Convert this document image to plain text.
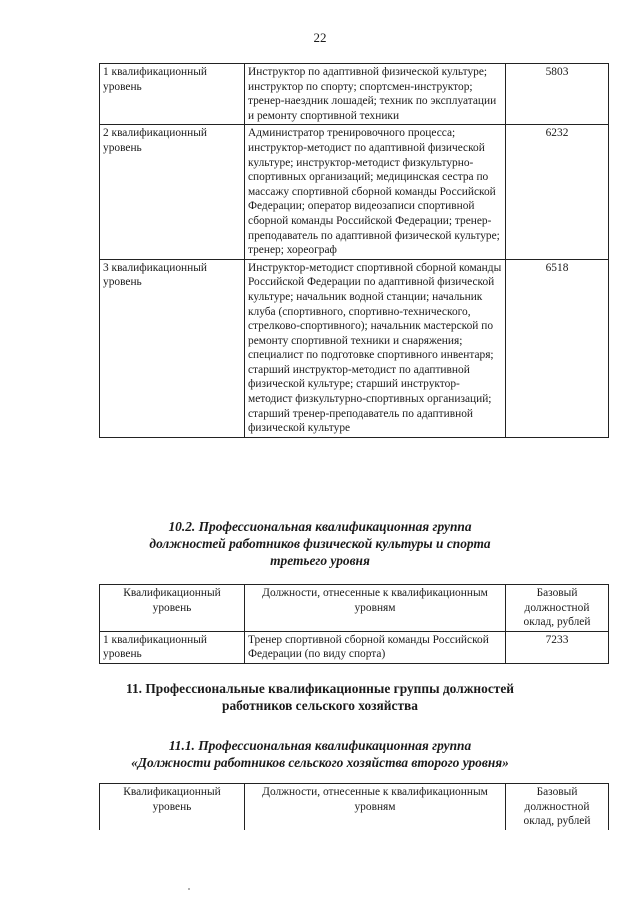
22
1 квалификационный уровень	Инструктор по адаптивной физической культуре; инструктор по спорту; спортсмен-инструктор; тренер-наездник лошадей; техник по эксплуатации и ремонту спортивной техники	5803
2 квалификационный уровень	Администратор тренировочного процесса; инструктор-методист по адаптивной физической культуре; инструктор-методист физкультурно-спортивных организаций; медицинская сестра по массажу спортивной сборной команды Российской Федерации; оператор видеозаписи спортивной сборной команды Российской Федерации; тренер-преподаватель по адаптивной физической культуре; тренер; хореограф	6232
3 квалификационный уровень	Инструктор-методист спортивной сборной команды Российской Федерации по адаптивной физической культуре; начальник водной станции; начальник клуба (спортивного, спортивно-технического, стрелково-спортивного); начальник мастерской по ремонту спортивной техники и снаряжения; специалист по подготовке спортивного инвентаря; старший инструктор-методист по адаптивной физической культуре; старший инструктор-методист физкультурно-спортивных организаций; старший тренер-преподаватель по адаптивной физической культуре	6518
10.2. Профессиональная квалификационная группа
должностей работников физической культуры и спорта
третьего уровня
Квалификационный уровень	Должности, отнесенные к квалификационным уровням	Базовый должностной оклад, рублей
1 квалификационный уровень	Тренер спортивной сборной команды Российской Федерации (по виду спорта)	7233
11. Профессиональные квалификационные группы должностей
работников сельского хозяйства
11.1. Профессиональная квалификационная группа
«Должности работников сельского хозяйства второго уровня»
Квалификационный уровень	Должности, отнесенные к квалификационным уровням	Базовый должностной оклад, рублей
